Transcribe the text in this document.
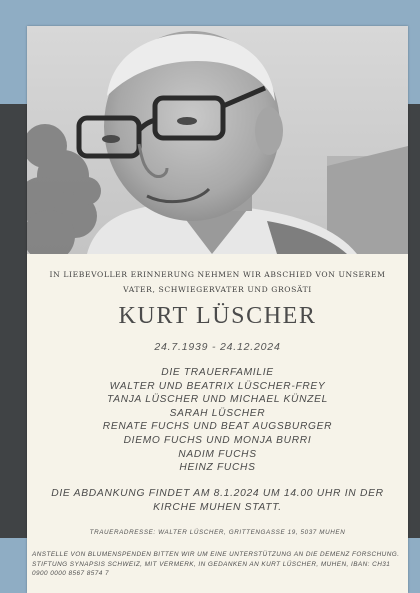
IN LIEBEVOLLER ERINNERUNG NEHMEN WIR ABSCHIED VON UNSEREM
VATER, SCHWIEGERVATER UND GROSÄTI
KURT LÜSCHER
24.7.1939 - 24.12.2024
DIE TRAUERFAMILIE
WALTER UND BEATRIX LÜSCHER-FREY
TANJA LÜSCHER UND MICHAEL KÜNZEL
SARAH LÜSCHER
RENATE FUCHS UND BEAT AUGSBURGER
DIEMO FUCHS UND MONJA BURRI
NADIM FUCHS
HEINZ FUCHS
DIE ABDANKUNG FINDET AM 8.1.2024 UM 14.00 UHR IN DER KIRCHE MUHEN STATT.
TRAUERADRESSE: WALTER LÜSCHER, GRITTENGASSE 19, 5037 MUHEN
ANSTELLE VON BLUMENSPENDEN BITTEN WIR UM EINE UNTERSTÜTZUNG AN DIE DEMENZ FORSCHUNG. STIFTUNG SYNAPSIS SCHWEIZ, MIT VERMERK, IN GEDANKEN AN KURT LÜSCHER, MUHEN, IBAN: CH31 0900 0000 8567 8574 7
